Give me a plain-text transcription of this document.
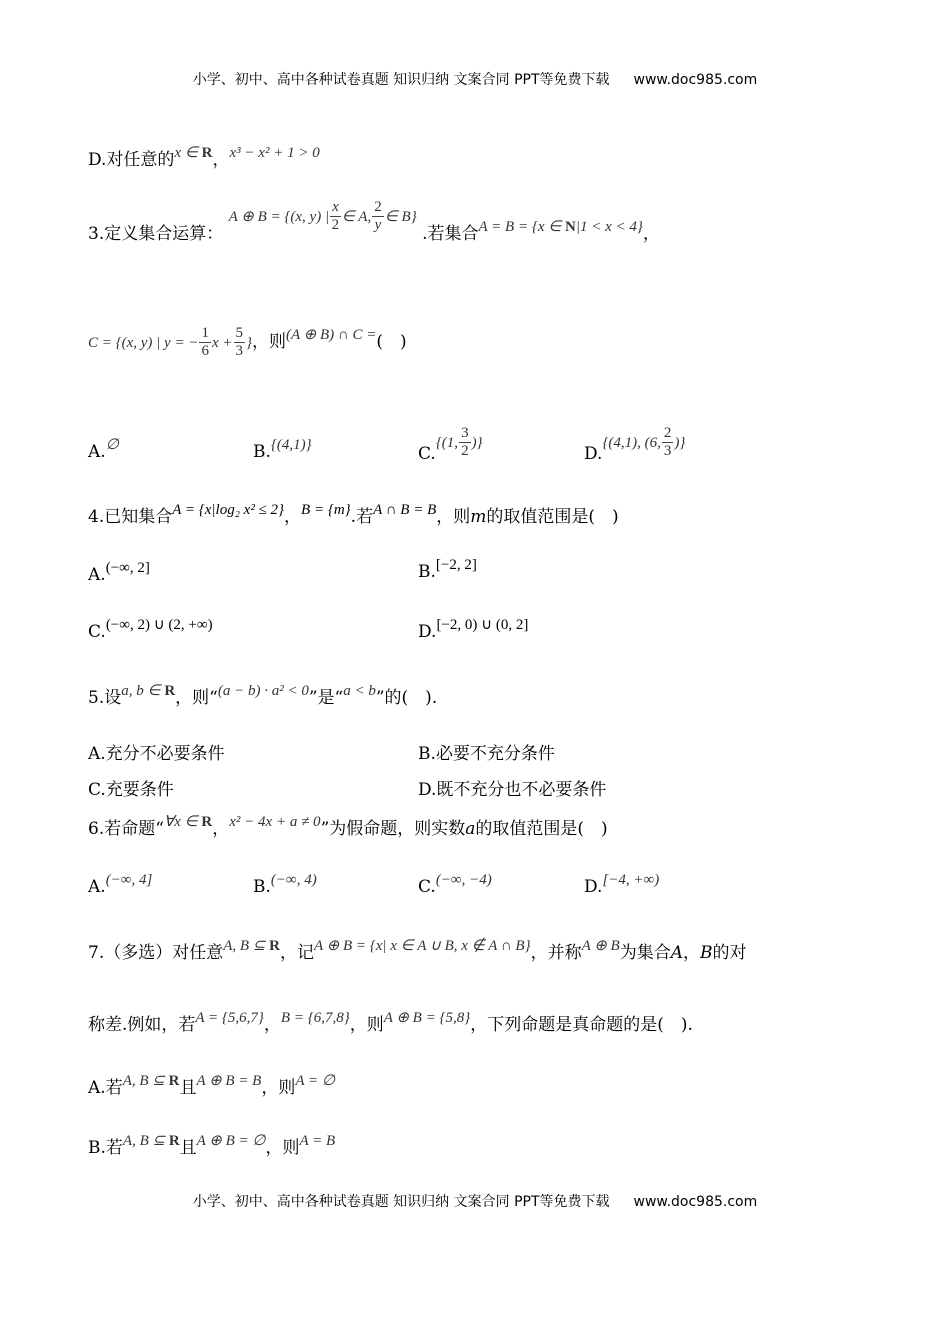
小学、初中、高中各种试卷真题 知识归纳 文案合同 PPT等免费下载 www.doc985.com
D.对任意的x ∈ R，x³ − x² + 1 > 0
3.定义集合运算： A ⊕ B = {(x, y) | $\frac{x}{2}$ ∈ A, $\frac{2}{y}$ ∈ B} .若集合A = B = {x ∈ N|1 < x < 4}，
C = {(x, y) | y = − $\frac{1}{6}$ $x + \frac{5}{3}$ }，则(A ⊕ B) ∩ C =(　)
A.∅	B.{(4,1)}	C.{(1, $\frac{3}{2}$ )}
D.{(4,1), (6, $\frac{2}{3}$ )}
4.已知集合A = {x|log₂ x² ≤ 2}，B = {m}.若A ∩ B = B，则m的取值范围是(　)
A.(−∞, 2]	B.[−2, 2]
C.(−∞, 2) ∪ (2, +∞)	D.[−2, 0) ∪ (0, 2]
5.设a, b ∈ R，则“(a − b) · a² < 0”是“a < b”的(　).
A.充分不必要条件	B.必要不充分条件
C.充要条件	D.既不充分也不必要条件
6.若命题“∀x ∈ R，x² − 4x + a ≠ 0”为假命题，则实数a的取值范围是(　)
A.(−∞, 4]	B.(−∞, 4)	C.(−∞, −4)	D.[−4, +∞)
7.（多选）对任意A, B ⊆ R，记A ⊕ B = {x| x ∈ A ∪ B, x ∉ A ∩ B}，并称A ⊕ B为集合A，B的对
称差.例如，若A = {5,6,7}，B = {6,7,8}，则A ⊕ B = {5,8}，下列命题是真命题的是(　).
A.若A, B ⊆ R且A ⊕ B = B，则A = ∅
B.若A, B ⊆ R且A ⊕ B = ∅，则A = B
小学、初中、高中各种试卷真题 知识归纳 文案合同 PPT等免费下载 www.doc985.com
